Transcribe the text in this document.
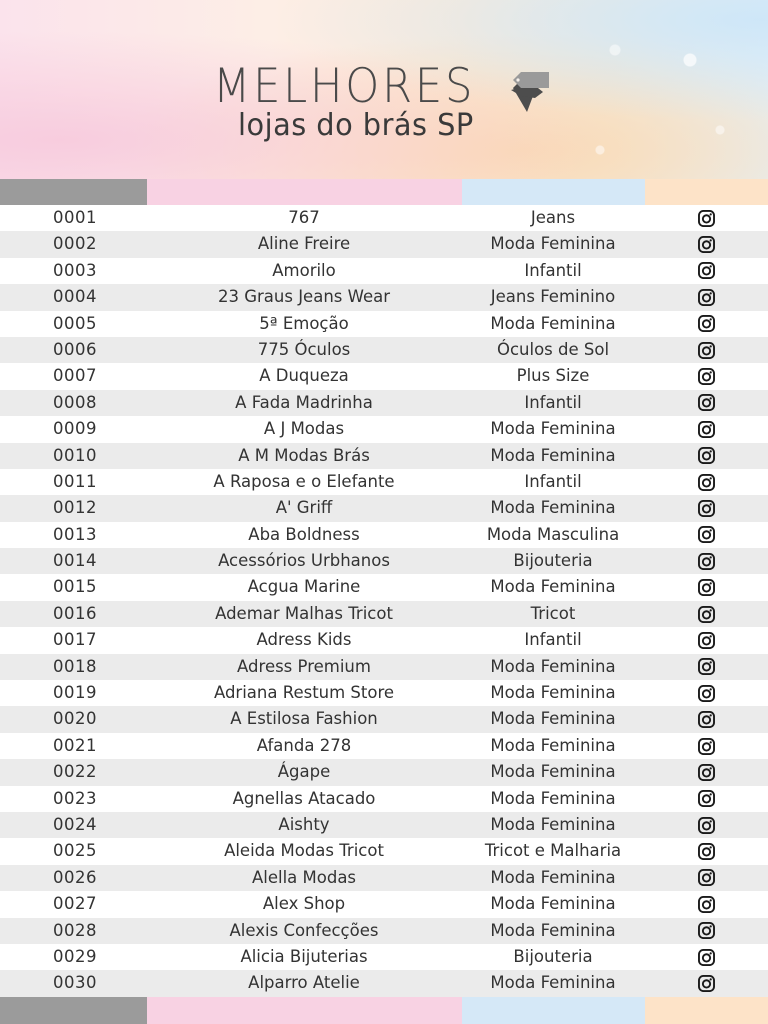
MELHORES
lojas do brás SP
0001	767	Jeans
0002	Aline Freire	Moda Feminina
0003	Amorilo	Infantil
0004	23 Graus Jeans Wear	Jeans Feminino
0005	5ª Emoção	Moda Feminina
0006	775 Óculos	Óculos de Sol
0007	A Duqueza	Plus Size
0008	A Fada Madrinha	Infantil
0009	A J Modas	Moda Feminina
0010	A M Modas Brás	Moda Feminina
0011	A Raposa e o Elefante	Infantil
0012	A' Griff	Moda Feminina
0013	Aba Boldness	Moda Masculina
0014	Acessórios Urbhanos	Bijouteria
0015	Acgua Marine	Moda Feminina
0016	Ademar Malhas Tricot	Tricot
0017	Adress Kids	Infantil
0018	Adress Premium	Moda Feminina
0019	Adriana Restum Store	Moda Feminina
0020	A Estilosa Fashion	Moda Feminina
0021	Afanda 278	Moda Feminina
0022	Ágape	Moda Feminina
0023	Agnellas Atacado	Moda Feminina
0024	Aishty	Moda Feminina
0025	Aleida Modas Tricot	Tricot e Malharia
0026	Alella Modas	Moda Feminina
0027	Alex Shop	Moda Feminina
0028	Alexis Confecções	Moda Feminina
0029	Alicia Bijuterias	Bijouteria
0030	Alparro Atelie	Moda Feminina
